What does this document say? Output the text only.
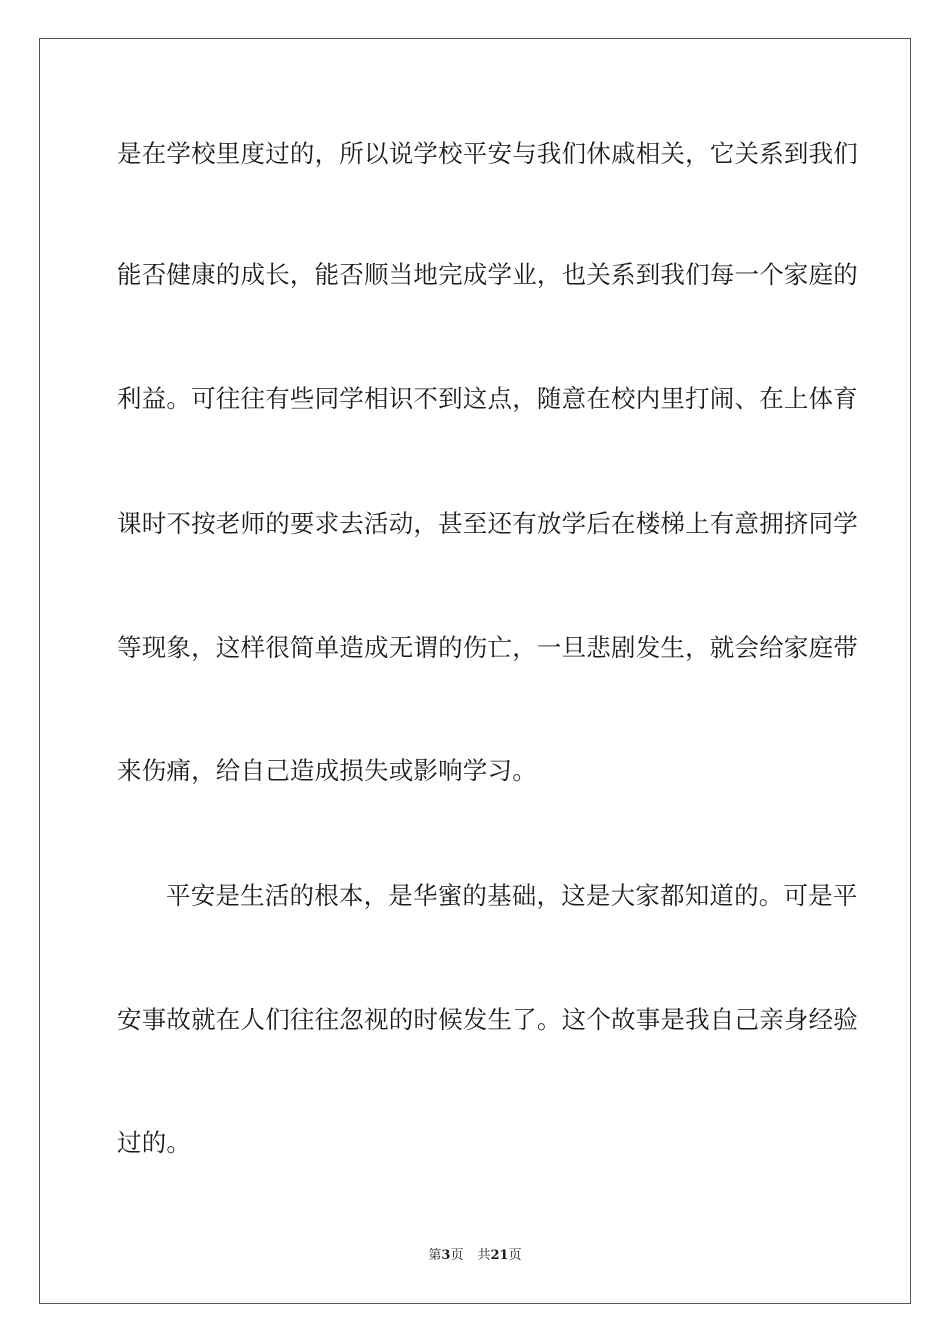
是在学校里度过的，所以说学校平安与我们休戚相关，它关系到我们
能否健康的成长，能否顺当地完成学业，也关系到我们每一个家庭的
利益。可往往有些同学相识不到这点，随意在校内里打闹、在上体育
课时不按老师的要求去活动，甚至还有放学后在楼梯上有意拥挤同学
等现象，这样很简单造成无谓的伤亡，一旦悲剧发生，就会给家庭带
来伤痛，给自己造成损失或影响学习。
平安是生活的根本，是华蜜的基础，这是大家都知道的。可是平
安事故就在人们往往忽视的时候发生了。这个故事是我自己亲身经验
过的。
第3页 共21页
